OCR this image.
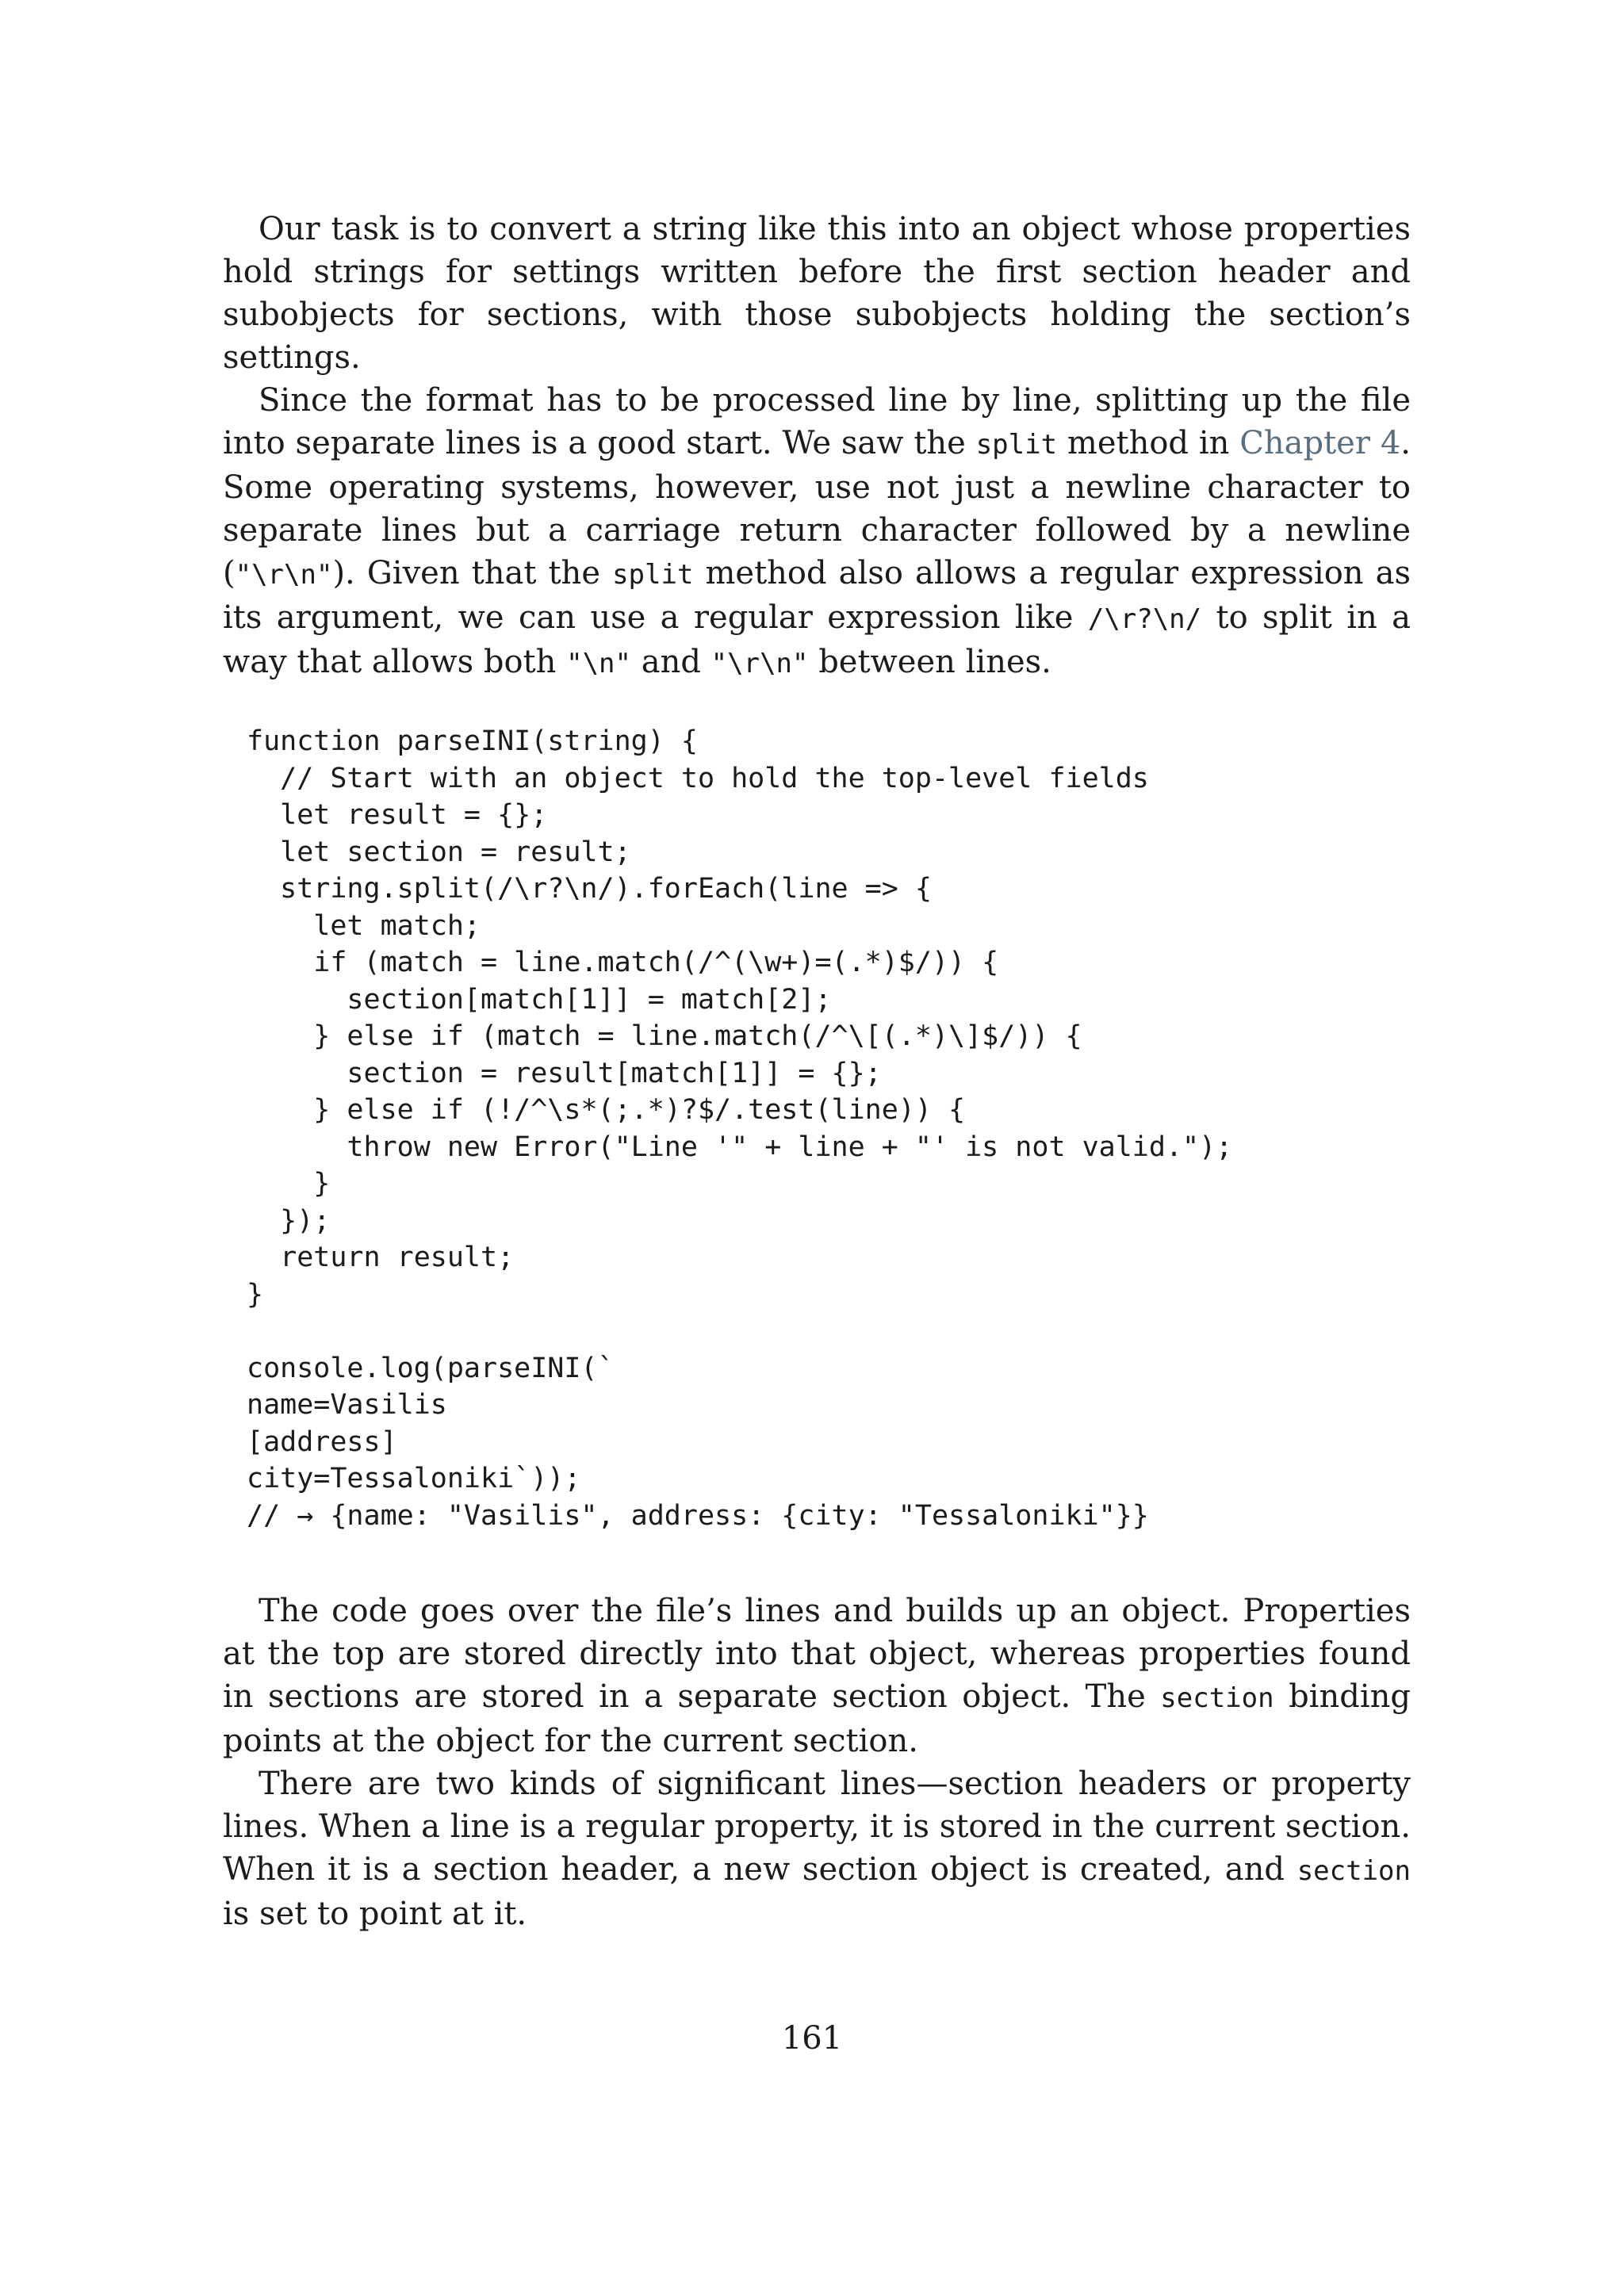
Our task is to convert a string like this into an object whose properties hold strings for settings written before the first section header and subobjects for sections, with those subobjects holding the section’s settings.

Since the format has to be processed line by line, splitting up the file into separate lines is a good start. We saw the split method in Chapter 4. Some operating systems, however, use not just a newline character to separate lines but a carriage return character followed by a newline ("\r\n"). Given that the split method also allows a regular expression as its argument, we can use a regular expression like /\r?\n/ to split in a way that allows both "\n" and "\r\n" between lines.

function parseINI(string) {
// Start with an object to hold the top-level fields
let result = {};
let section = result;
string.split(/\r?\n/).forEach(line => {
let match;
if (match = line.match(/^(\w+)=(.*)$/)) {
section[match[1]] = match[2];
} else if (match = line.match(/^\[(.*)\]$/)) {
section = result[match[1]] = {};
} else if (!/^\s*(;.*)?$/.test(line)) {
throw new Error("Line '" + line + "' is not valid.");
}
});
return result;
}
console.log(parseINI(`
name=Vasilis
[address]
city=Tessaloniki`));
// → {name: "Vasilis", address: {city: "Tessaloniki"}}

The code goes over the file’s lines and builds up an object. Properties at the top are stored directly into that object, whereas properties found in sections are stored in a separate section object. The section binding points at the object for the current section.

There are two kinds of significant lines—section headers or property lines. When a line is a regular property, it is stored in the current section. When it is a section header, a new section object is created, and section is set to point at it.

161
